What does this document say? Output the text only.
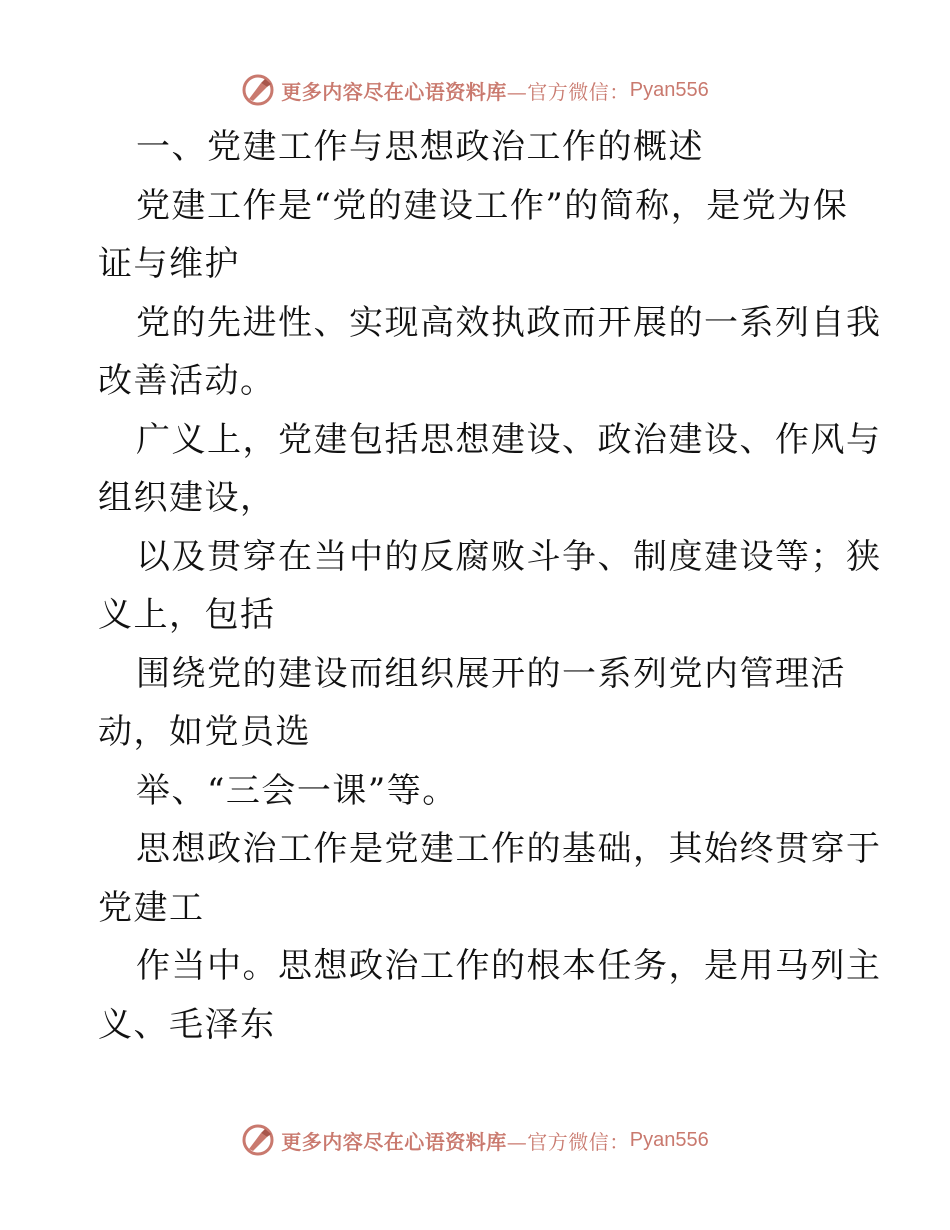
更多内容尽在心语资料库 —官方微信： Pyan556
一、党建工作与思想政治工作的概述
党建工作是“党的建设工作”的简称，是党为保
证与维护
党的先进性、实现高效执政而开展的一系列自我
改善活动。
广义上，党建包括思想建设、政治建设、作风与
组织建设，
以及贯穿在当中的反腐败斗争、制度建设等；狭
义上，包括
围绕党的建设而组织展开的一系列党内管理活
动，如党员选
举、“三会一课”等。
思想政治工作是党建工作的基础，其始终贯穿于
党建工
作当中。思想政治工作的根本任务，是用马列主
义、毛泽东
更多内容尽在心语资料库 —官方微信： Pyan556
